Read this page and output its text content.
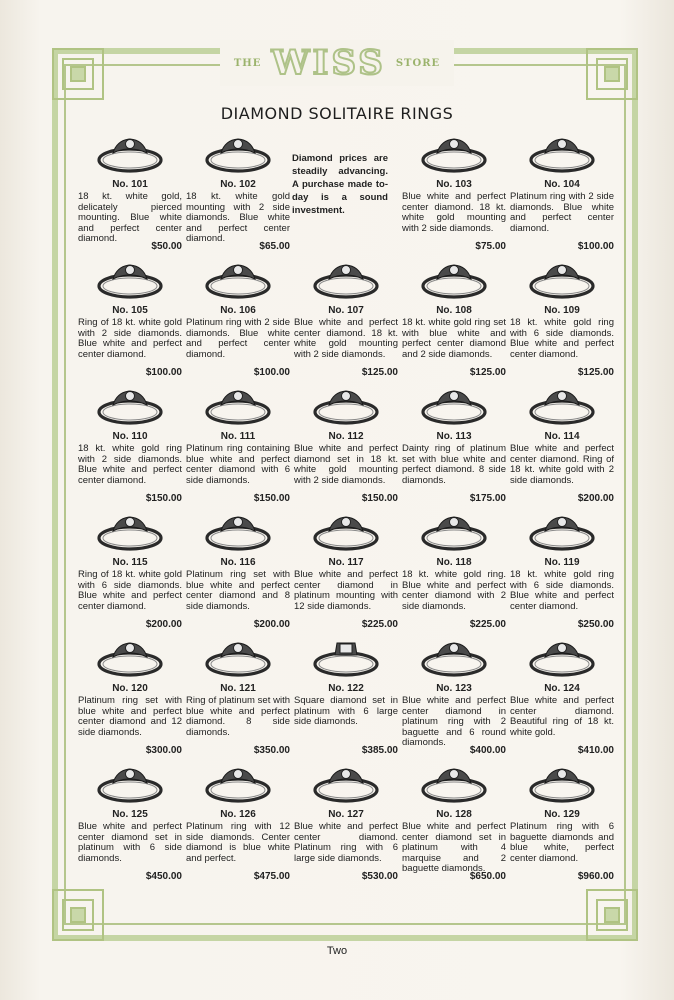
THE WISS STORE
DIAMOND SOLITAIRE RINGS
Diamond prices are steadily advancing. A purchase made to-day is a sound investment.
No. 101
18 kt. white gold, delicately pierced mounting. Blue white and perfect center diamond.
$50.00
No. 102
18 kt. white gold mounting with 2 side diamonds. Blue white and perfect center diamond.
$65.00
No. 103
Blue white and perfect center diamond. 18 kt. white gold mounting with 2 side diamonds.
$75.00
No. 104
Platinum ring with 2 side diamonds. Blue white and perfect center diamond.
$100.00
No. 105
Ring of 18 kt. white gold with 2 side diamonds. Blue white and perfect center diamond.
$100.00
No. 106
Platinum ring with 2 side diamonds. Blue white and perfect center diamond.
$100.00
No. 107
Blue white and perfect center diamond. 18 kt. white gold mounting with 2 side diamonds.
$125.00
No. 108
18 kt. white gold ring set with blue white and perfect center diamond and 2 side diamonds.
$125.00
No. 109
18 kt. white gold ring with 6 side diamonds. Blue white and perfect center diamond.
$125.00
No. 110
18 kt. white gold ring with 2 side diamonds. Blue white and perfect center diamond.
$150.00
No. 111
Platinum ring containing blue white and perfect center diamond with 6 side diamonds.
$150.00
No. 112
Blue white and perfect diamond set in 18 kt. white gold mounting with 2 side diamonds.
$150.00
No. 113
Dainty ring of platinum set with blue white and perfect diamond. 8 side diamonds.
$175.00
No. 114
Blue white and perfect center diamond. Ring of 18 kt. white gold with 2 side diamonds.
$200.00
No. 115
Ring of 18 kt. white gold with 6 side diamonds. Blue white and perfect center diamond.
$200.00
No. 116
Platinum ring set with blue white and perfect center diamond and 8 side diamonds.
$200.00
No. 117
Blue white and perfect center diamond in platinum mounting with 12 side diamonds.
$225.00
No. 118
18 kt. white gold ring. Blue white and perfect center diamond with 2 side diamonds.
$225.00
No. 119
18 kt. white gold ring with 6 side diamonds. Blue white and perfect center diamond.
$250.00
No. 120
Platinum ring set with blue white and perfect center diamond and 12 side diamonds.
$300.00
No. 121
Ring of platinum set with blue white and perfect diamond. 8 side diamonds.
$350.00
No. 122
Square diamond set in platinum with 6 large side diamonds.
$385.00
No. 123
Blue white and perfect center diamond in platinum ring with 2 baguette and 6 round diamonds.
$400.00
No. 124
Blue white and perfect center diamond. Beautiful ring of 18 kt. white gold.
$410.00
No. 125
Blue white and perfect center diamond set in platinum with 6 side diamonds.
$450.00
No. 126
Platinum ring with 12 side diamonds. Center diamond is blue white and perfect.
$475.00
No. 127
Blue white and perfect center diamond. Platinum ring with 6 large side diamonds.
$530.00
No. 128
Blue white and perfect center diamond set in platinum with 4 marquise and 2 baguette diamonds.
$650.00
No. 129
Platinum ring with 6 baguette diamonds and blue white, perfect center diamond.
$960.00
Two
